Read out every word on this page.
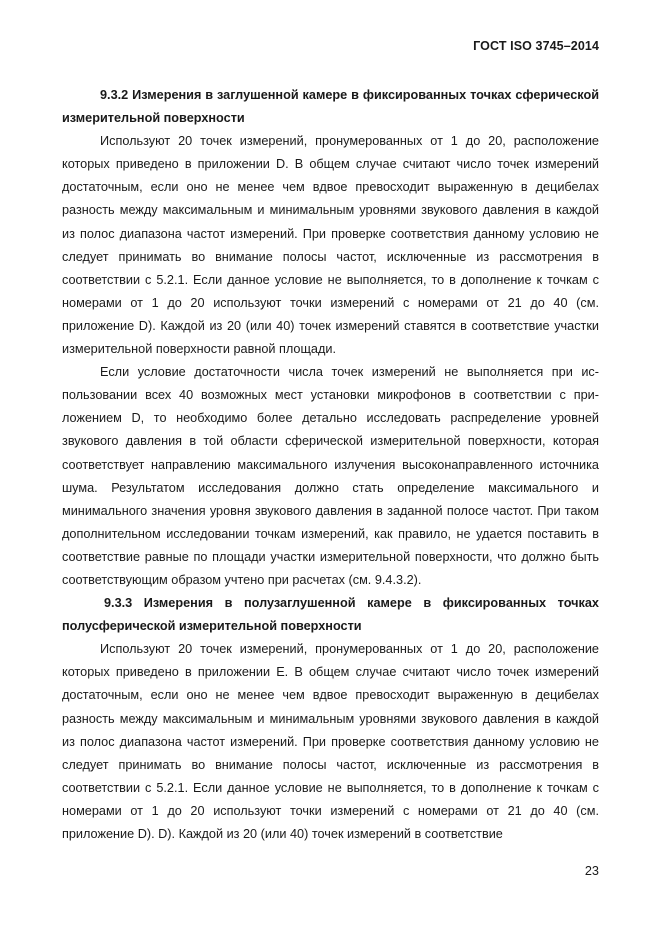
ГОСТ ISO 3745–2014
9.3.2 Измерения в заглушенной камере в фиксированных точках сферической измерительной поверхности

Используют 20 точек измерений, пронумерованных от 1 до 20, расположение которых приведено в приложении D. В общем случае считают число точек измерений достаточным, если оно не менее чем вдвое превосходит выраженную в децибелах разность между максимальным и минимальным уровнями звукового давления в каждой из полос диапазона частот измерений. При проверке соответствия данному условию не следует принимать во внимание полосы частот, исключенные из рассмотрения в соответствии с 5.2.1. Если данное условие не выполняется, то в дополнение к точкам с номерами от 1 до 20 используют точки измерений с номерами от 21 до 40 (см. приложение D). Каждой из 20 (или 40) точек измерений ставятся в соответствие участки измерительной поверхности равной площади.

Если условие достаточности числа точек измерений не выполняется при использовании всех 40 возможных мест установки микрофонов в соответствии с приложением D, то необходимо более детально исследовать распределение уровней звукового давления в той области сферической измерительной поверхности, которая соответствует направлению максимального излучения высоконаправленного источника шума. Результатом исследования должно стать определение максимального и минимального значения уровня звукового давления в заданной полосе частот. При таком дополнительном исследовании точкам измерений, как правило, не удается поставить в соответствие равные по площади участки измерительной поверхности, что должно быть соответствующим образом учтено при расчетах (см. 9.4.3.2).

9.3.3 Измерения в полузаглушенной камере в фиксированных точках полусферической измерительной поверхности

Используют 20 точек измерений, пронумерованных от 1 до 20, расположение которых приведено в приложении Е. В общем случае считают число точек измерений достаточным, если оно не менее чем вдвое превосходит выраженную в децибелах разность между максимальным и минимальным уровнями звукового давления в каждой из полос диапазона частот измерений. При проверке соответствия данному условию не следует принимать во внимание полосы частот, исключенные из рассмотрения в соответствии с 5.2.1. Если данное условие не выполняется, то в дополнение к точкам с номерами от 1 до 20 используют точки измерений с номерами от 21 до 40 (см. приложение D). D). Каждой из 20 (или 40) точек измерений в соответствие

23
